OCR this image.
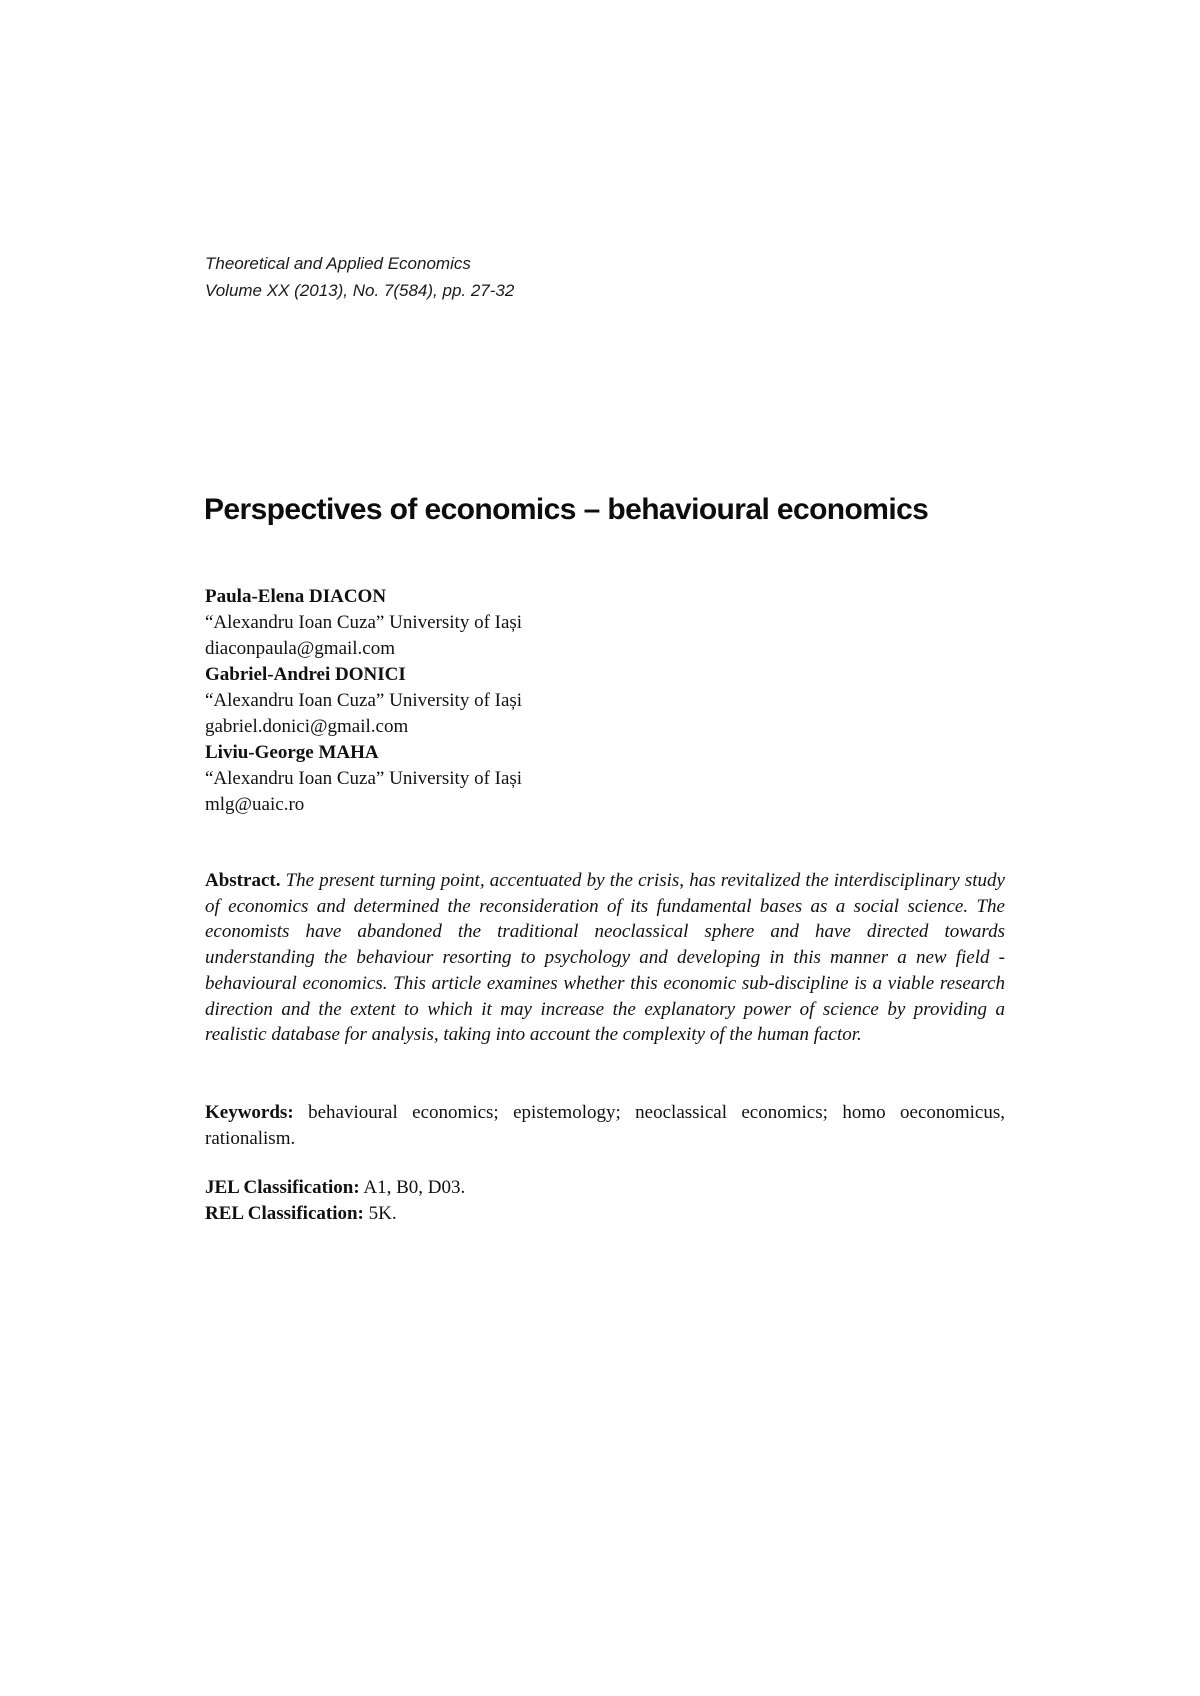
Theoretical and Applied Economics
Volume XX (2013), No. 7(584), pp. 27-32
Perspectives of economics – behavioural economics
Paula-Elena DIACON
“Alexandru Ioan Cuza” University of Iași
diaconpaula@gmail.com
Gabriel-Andrei DONICI
“Alexandru Ioan Cuza” University of Iași
gabriel.donici@gmail.com
Liviu-George MAHA
“Alexandru Ioan Cuza” University of Iași
mlg@uaic.ro

Abstract. The present turning point, accentuated by the crisis, has revitalized the interdisciplinary study of economics and determined the reconsideration of its fundamental bases as a social science. The economists have abandoned the traditional neoclassical sphere and have directed towards understanding the behaviour resorting to psychology and developing in this manner a new field - behavioural economics. This article examines whether this economic sub-discipline is a viable research direction and the extent to which it may increase the explanatory power of science by providing a realistic database for analysis, taking into account the complexity of the human factor.

Keywords: behavioural economics; epistemology; neoclassical economics; homo oeconomicus, rationalism.

JEL Classification: A1, B0, D03.
REL Classification: 5K.
